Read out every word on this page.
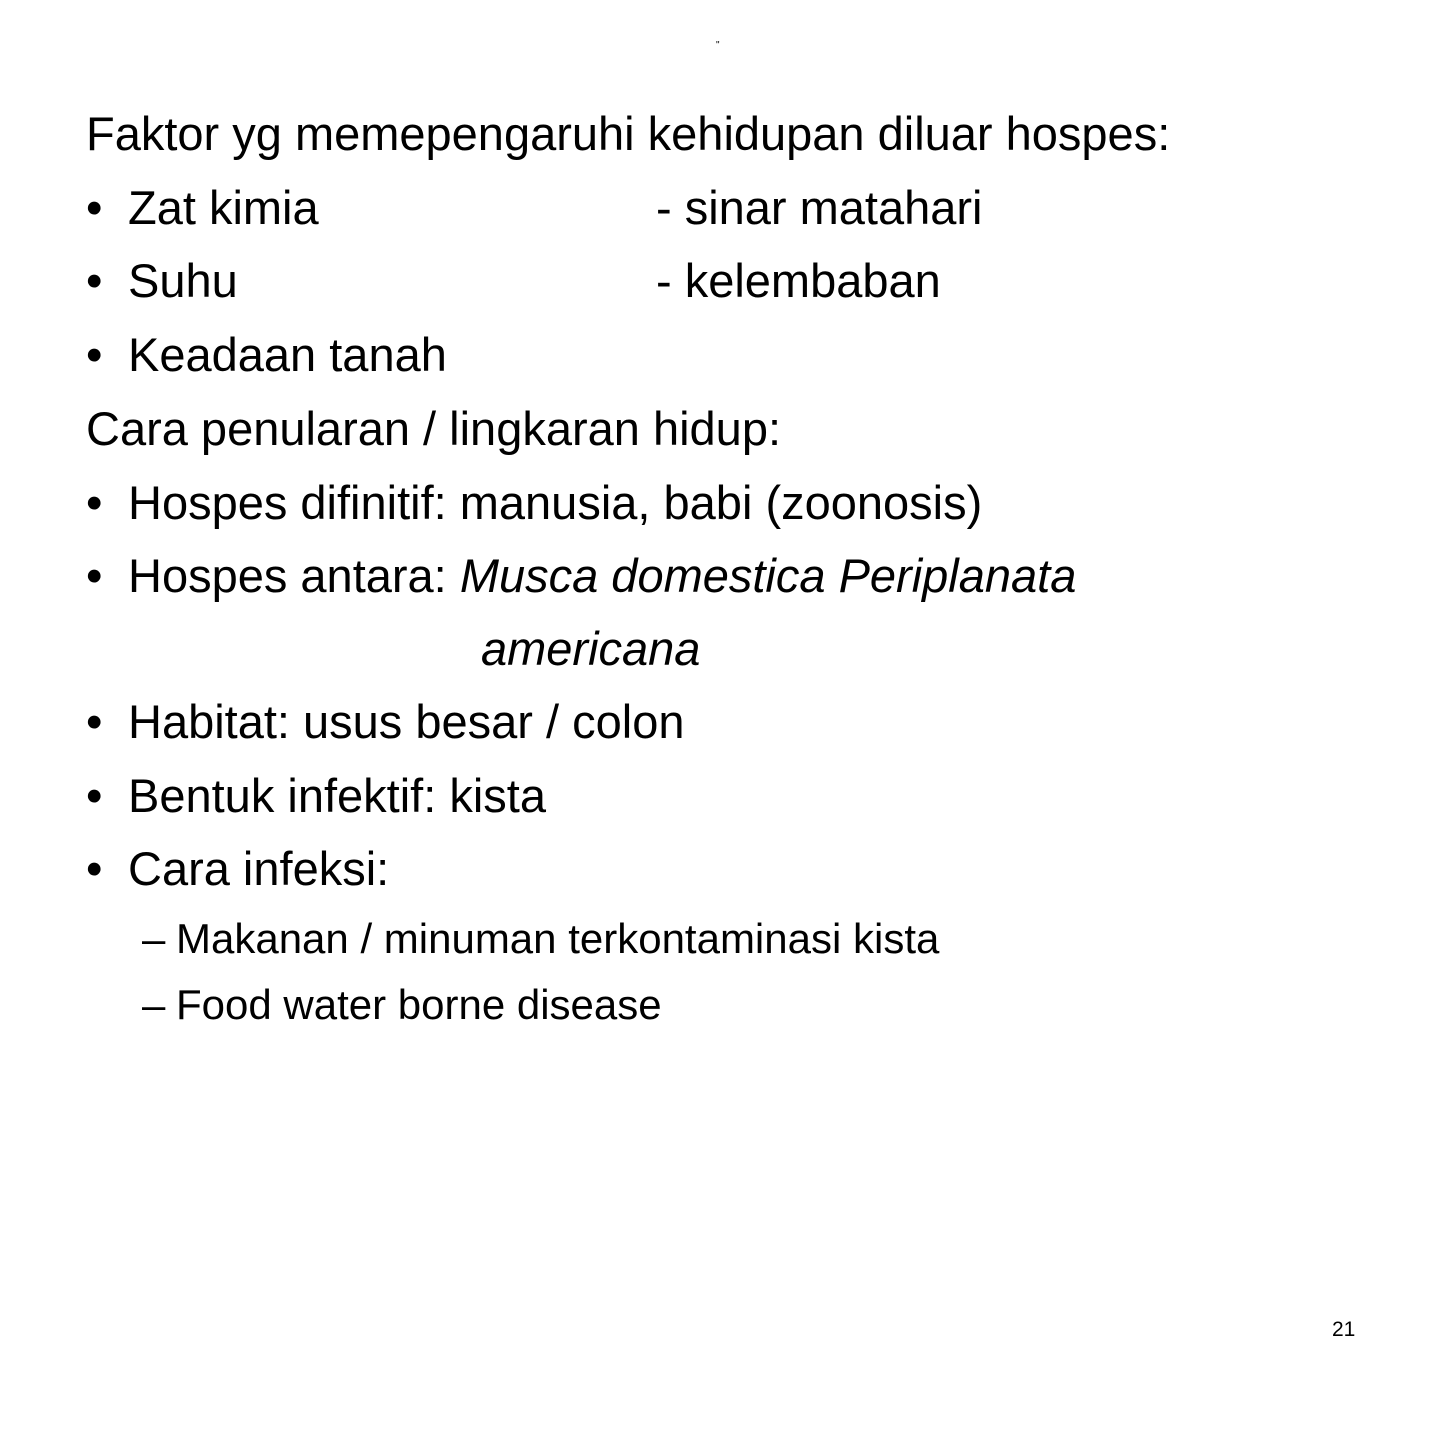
"
Faktor yg memepengaruhi kehidupan diluar hospes:
• Zat kimia	- sinar matahari
• Suhu	- kelembaban
• Keadaan tanah
Cara penularan / lingkaran hidup:
• Hospes difinitif: manusia, babi (zoonosis)
• Hospes antara: Musca domestica Periplanata
americana
• Habitat: usus besar / colon
• Bentuk infektif: kista
• Cara infeksi:
– Makanan / minuman terkontaminasi kista
– Food water borne disease
21
